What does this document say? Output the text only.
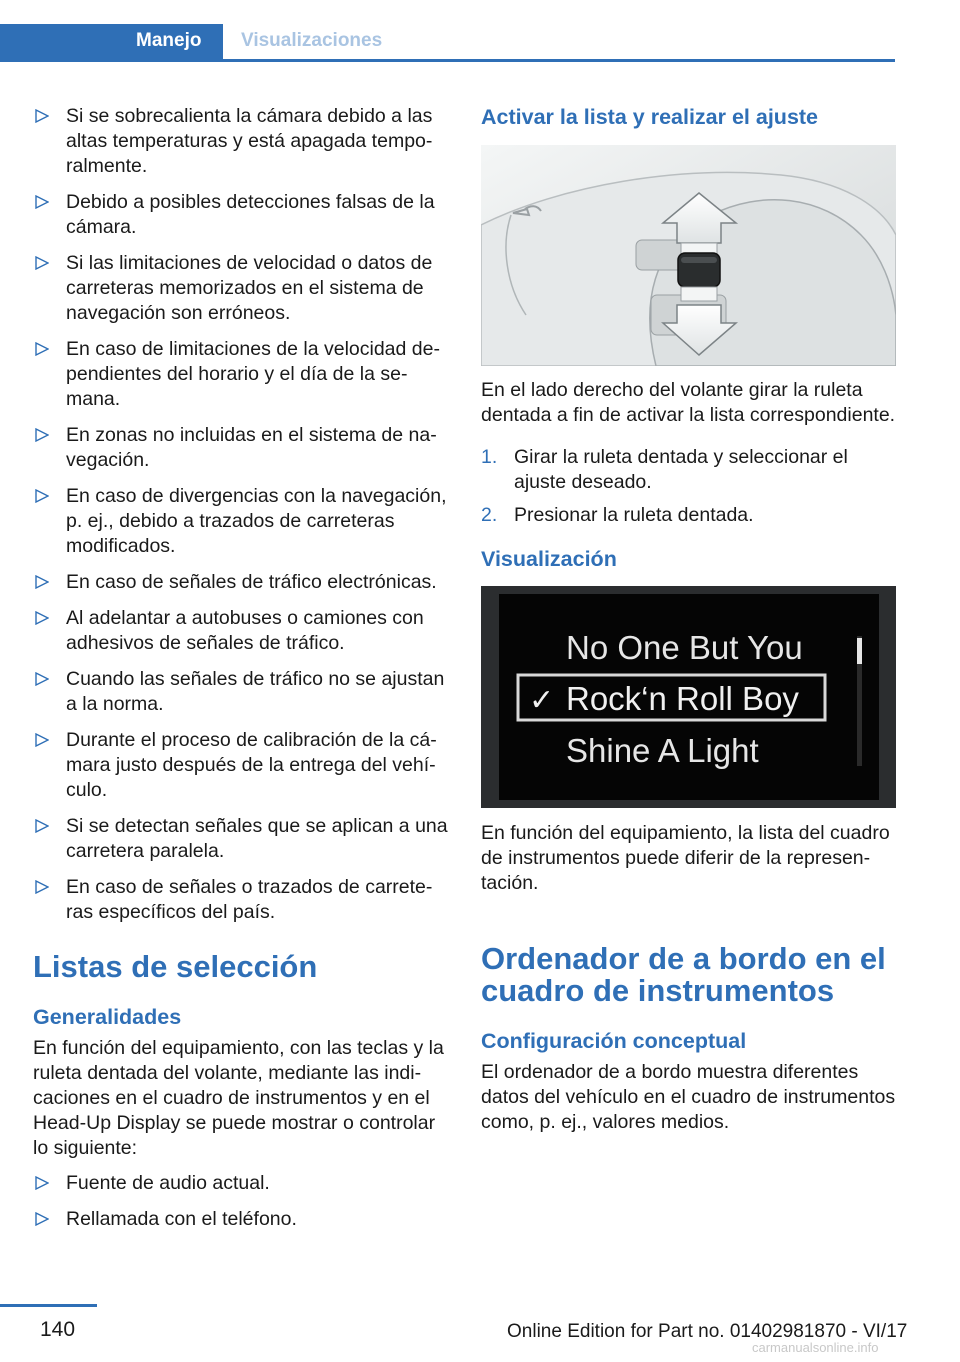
Manejo Visualizaciones
Si se sobrecalienta la cámara debido a las altas temperaturas y está apagada temporalmente.
Debido a posibles detecciones falsas de la cámara.
Si las limitaciones de velocidad o datos de carreteras memorizados en el sistema de navegación son erróneos.
En caso de limitaciones de la velocidad dependientes del horario y el día de la semana.
En zonas no incluidas en el sistema de navegación.
En caso de divergencias con la navegación, p. ej., debido a trazados de carreteras modificados.
En caso de señales de tráfico electrónicas.
Al adelantar a autobuses o camiones con adhesivos de señales de tráfico.
Cuando las señales de tráfico no se ajustan a la norma.
Durante el proceso de calibración de la cámara justo después de la entrega del vehículo.
Si se detectan señales que se aplican a una carretera paralela.
En caso de señales o trazados de carreteras específicos del país.
Listas de selección
Generalidades

En función del equipamiento, con las teclas y la ruleta dentada del volante, mediante las indicaciones en el cuadro de instrumentos y en el Head-Up Display se puede mostrar o controlar lo siguiente:

Fuente de audio actual.
Rellamada con el teléfono.
Activar la lista y realizar el ajuste

En el lado derecho del volante girar la ruleta dentada a fin de activar la lista correspondiente.

1. Girar la ruleta dentada y seleccionar el ajuste deseado.
2. Presionar la ruleta dentada.
Visualización
No One But You
✓ Rock‘n Roll Boy
Shine A Light

En función del equipamiento, la lista del cuadro de instrumentos puede diferir de la representación.

Ordenador de a bordo en el cuadro de instrumentos
Configuración conceptual

El ordenador de a bordo muestra diferentes datos del vehículo en el cuadro de instrumentos como, p. ej., valores medios.

140	Online Edition for Part no. 01402981870 - VI/17
carmanualsonline.info
